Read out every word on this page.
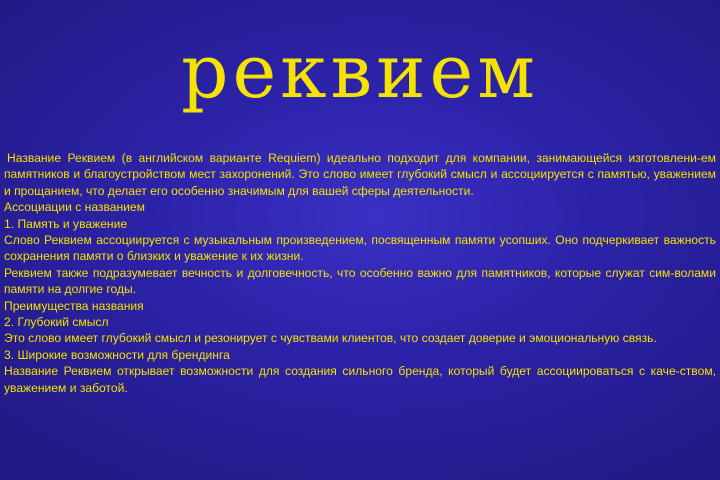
реквием

Название Реквием (в английском варианте Requiem) идеально подходит для компании, занимающейся изготовлени-ем памятников и благоустройством мест захоронений. Это слово имеет глубокий смысл и ассоциируется с памятью, уважением и прощанием, что делает его особенно значимым для вашей сферы деятельности.

Ассоциации с названием

1. Память и уважение

Слово Реквием ассоциируется с музыкальным произведением, посвященным памяти усопших. Оно подчеркивает важность сохранения памяти о близких и уважение к их жизни.

Реквием также подразумевает вечность и долговечность, что особенно важно для памятников, которые служат сим-волами памяти на долгие годы.

Преимущества названия

2. Глубокий смысл

Это слово имеет глубокий смысл и резонирует с чувствами клиентов, что создает доверие и эмоциональную связь.

3. Широкие возможности для брендинга

Название Реквием открывает возможности для создания сильного бренда, который будет ассоциироваться с каче-ством, уважением и заботой.
